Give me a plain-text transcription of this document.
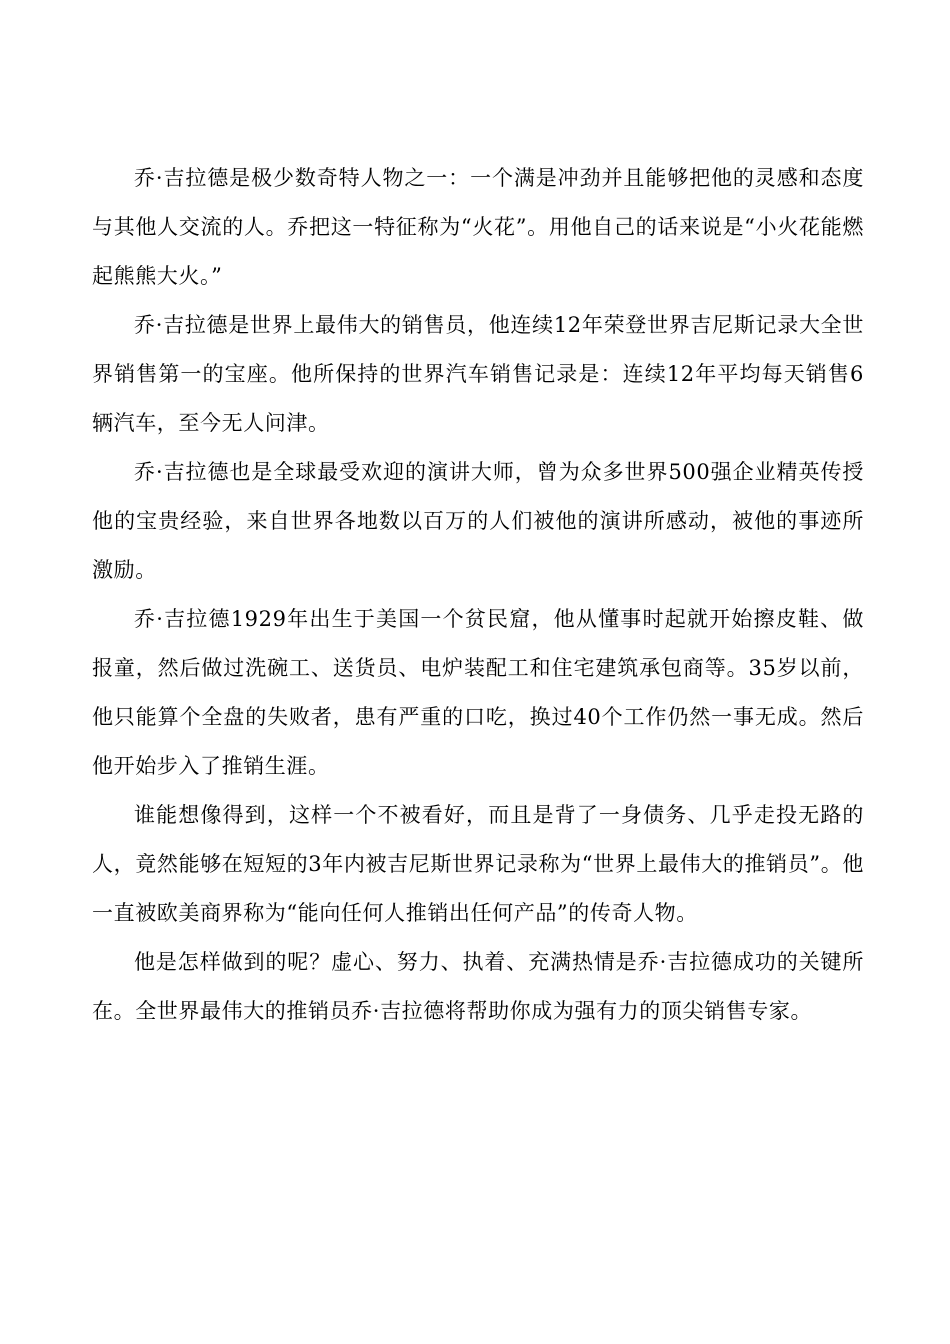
乔·吉拉德是极少数奇特人物之一：一个满是冲劲并且能够把他的灵感和态度与其他人交流的人。乔把这一特征称为“火花”。用他自己的话来说是“小火花能燃起熊熊大火。”

乔·吉拉德是世界上最伟大的销售员，他连续12年荣登世界吉尼斯记录大全世界销售第一的宝座。他所保持的世界汽车销售记录是：连续12年平均每天销售6辆汽车，至今无人问津。

乔·吉拉德也是全球最受欢迎的演讲大师，曾为众多世界500强企业精英传授他的宝贵经验，来自世界各地数以百万的人们被他的演讲所感动，被他的事迹所激励。

乔·吉拉德1929年出生于美国一个贫民窟，他从懂事时起就开始擦皮鞋、做报童，然后做过洗碗工、送货员、电炉装配工和住宅建筑承包商等。35岁以前，他只能算个全盘的失败者，患有严重的口吃，换过40个工作仍然一事无成。然后他开始步入了推销生涯。

谁能想像得到，这样一个不被看好，而且是背了一身债务、几乎走投无路的人，竟然能够在短短的3年内被吉尼斯世界记录称为“世界上最伟大的推销员”。他一直被欧美商界称为“能向任何人推销出任何产品”的传奇人物。

他是怎样做到的呢？虚心、努力、执着、充满热情是乔·吉拉德成功的关键所在。全世界最伟大的推销员乔·吉拉德将帮助你成为强有力的顶尖销售专家。
